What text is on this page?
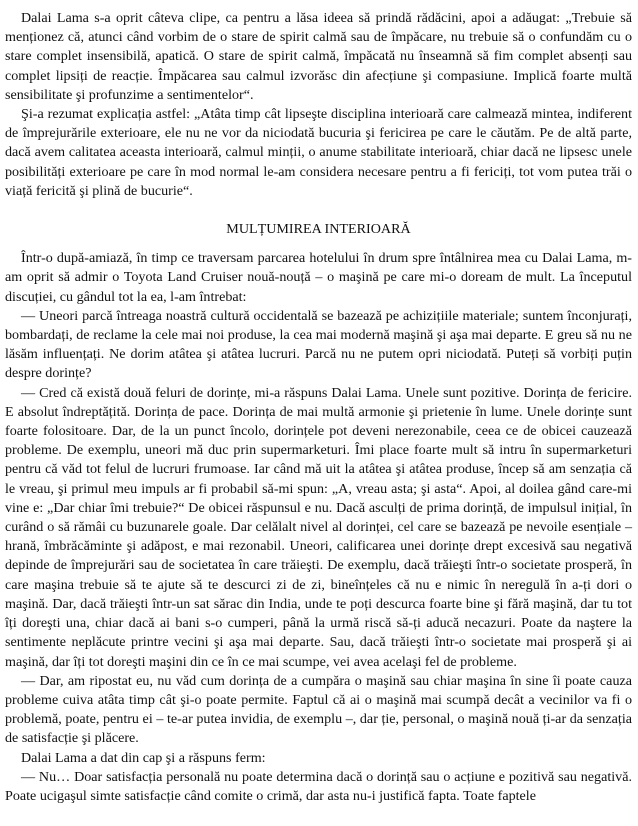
Dalai Lama s-a oprit câteva clipe, ca pentru a lăsa ideea să prindă rădăcini, apoi a adăugat: „Trebuie să menționez că, atunci când vorbim de o stare de spirit calmă sau de împăcare, nu trebuie să o confundăm cu o stare complet insensibilă, apatică. O stare de spirit calmă, împăcată nu înseamnă să fim complet absenți sau complet lipsiți de reacție. Împăcarea sau calmul izvorăsc din afecțiune şi compasiune. Implică foarte multă sensibilitate şi profunzime a sentimentelor“.

Şi-a rezumat explicația astfel: „Atâta timp cât lipseşte disciplina interioară care calmează mintea, indiferent de împrejurările exterioare, ele nu ne vor da niciodată bucuria şi fericirea pe care le căutăm. Pe de altă parte, dacă avem calitatea aceasta interioară, calmul minții, o anume stabilitate interioară, chiar dacă ne lipsesc unele posibilități exterioare pe care în mod normal le-am considera necesare pentru a fi fericiți, tot vom putea trăi o viață fericită şi plină de bucurie“.

MULȚUMIREA INTERIOARĂ

Într-o după-amiază, în timp ce traversam parcarea hotelului în drum spre întâlnirea mea cu Dalai Lama, m-am oprit să admir o Toyota Land Cruiser nouă-nouță – o maşină pe care mi-o doream de mult. La începutul discuției, cu gândul tot la ea, l-am întrebat:

— Uneori parcă întreaga noastră cultură occidentală se bazează pe achizițiile materiale; suntem înconjurați, bombardați, de reclame la cele mai noi produse, la cea mai modernă maşină şi aşa mai departe. E greu să nu ne lăsăm influențați. Ne dorim atâtea şi atâtea lucruri. Parcă nu ne putem opri niciodată. Puteți să vorbiți puțin despre dorințe?

— Cred că există două feluri de dorințe, mi-a răspuns Dalai Lama. Unele sunt pozitive. Dorința de fericire. E absolut îndreptățită. Dorința de pace. Dorința de mai multă armonie şi prietenie în lume. Unele dorințe sunt foarte folositoare. Dar, de la un punct încolo, dorințele pot deveni nerezonabile, ceea ce de obicei cauzează probleme. De exemplu, uneori mă duc prin supermarketuri. Îmi place foarte mult să intru în supermarketuri pentru că văd tot felul de lucruri frumoase. Iar când mă uit la atâtea şi atâtea produse, încep să am senzația că le vreau, şi primul meu impuls ar fi probabil să-mi spun: „A, vreau asta; şi asta“. Apoi, al doilea gând care-mi vine e: „Dar chiar îmi trebuie?“ De obicei răspunsul e nu. Dacă asculți de prima dorință, de impulsul inițial, în curând o să rămâi cu buzunarele goale. Dar celălalt nivel al dorinței, cel care se bazează pe nevoile esențiale – hrană, îmbrăcăminte şi adăpost, e mai rezonabil. Uneori, calificarea unei dorințe drept excesivă sau negativă depinde de împrejurări sau de societatea în care trăieşti. De exemplu, dacă trăieşti într-o societate prosperă, în care maşina trebuie să te ajute să te descurci zi de zi, bineînțeles că nu e nimic în neregulă în a-ți dori o maşină. Dar, dacă trăieşti într-un sat sărac din India, unde te poți descurca foarte bine şi fără maşină, dar tu tot îți doreşti una, chiar dacă ai bani s-o cumperi, până la urmă riscă să-ți aducă necazuri. Poate da naştere la sentimente neplăcute printre vecini şi aşa mai departe. Sau, dacă trăieşti într-o societate mai prosperă şi ai maşină, dar îți tot doreşti maşini din ce în ce mai scumpe, vei avea acelaşi fel de probleme.

— Dar, am ripostat eu, nu văd cum dorința de a cumpăra o maşină sau chiar maşina în sine îi poate cauza probleme cuiva atâta timp cât şi-o poate permite. Faptul că ai o maşină mai scumpă decât a vecinilor va fi o problemă, poate, pentru ei – te-ar putea invidia, de exemplu –, dar ție, personal, o maşină nouă ți-ar da senzația de satisfacție şi plăcere.

Dalai Lama a dat din cap şi a răspuns ferm:

— Nu… Doar satisfacția personală nu poate determina dacă o dorință sau o acțiune e pozitivă sau negativă. Poate ucigaşul simte satisfacție când comite o crimă, dar asta nu-i justifică fapta. Toate faptele
